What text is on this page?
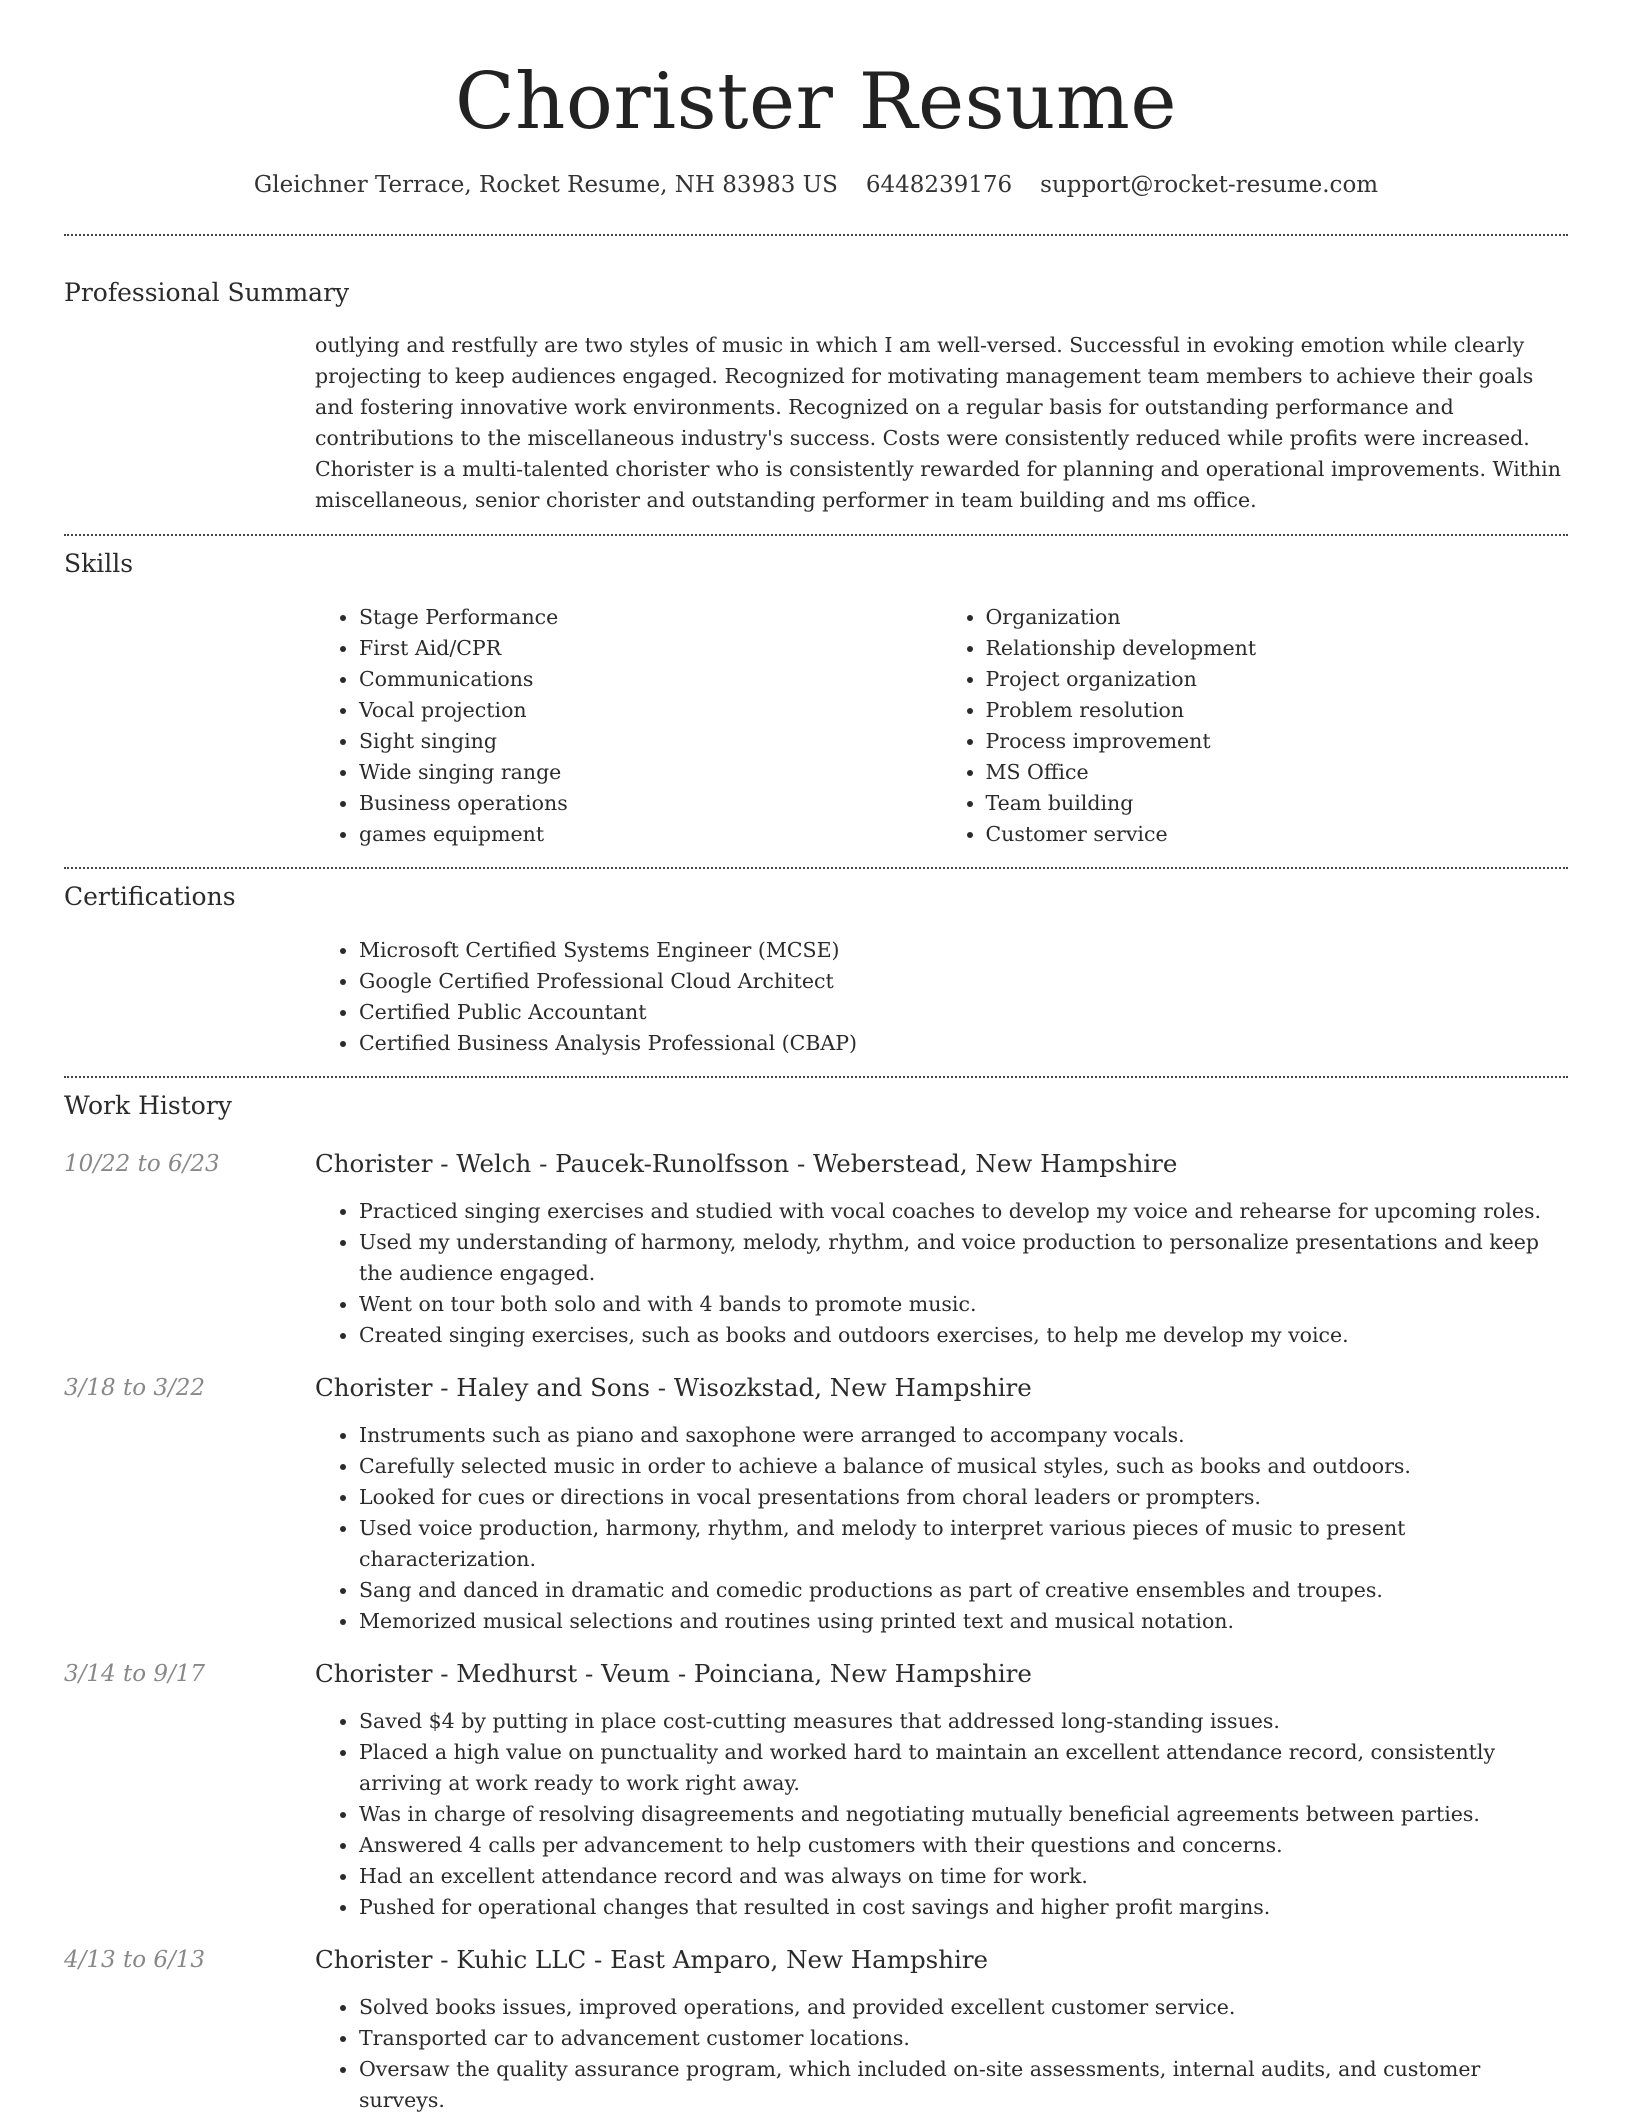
Chorister Resume
Gleichner Terrace, Rocket Resume, NH 83983 US 6448239176 support@rocket-resume.com
Professional Summary

outlying and restfully are two styles of music in which I am well-versed. Successful in evoking emotion while clearly projecting to keep audiences engaged. Recognized for motivating management team members to achieve their goals and fostering innovative work environments. Recognized on a regular basis for outstanding performance and contributions to the miscellaneous industry's success. Costs were consistently reduced while profits were increased. Chorister is a multi-talented chorister who is consistently rewarded for planning and operational improvements. Within miscellaneous, senior chorister and outstanding performer in team building and ms office.

Skills
• Stage Performance
• First Aid/CPR
• Communications
• Vocal projection
• Sight singing
• Wide singing range
• Business operations
• games equipment
• Organization
• Relationship development
• Project organization
• Problem resolution
• Process improvement
• MS Office
• Team building
• Customer service
Certifications
• Microsoft Certified Systems Engineer (MCSE)
• Google Certified Professional Cloud Architect
• Certified Public Accountant
• Certified Business Analysis Professional (CBAP)
Work History
10/22 to 6/23	Chorister - Welch - Paucek-Runolfsson - Weberstead, New Hampshire
• Practiced singing exercises and studied with vocal coaches to develop my voice and rehearse for upcoming roles.
• Used my understanding of harmony, melody, rhythm, and voice production to personalize presentations and keep the audience engaged.
• Went on tour both solo and with 4 bands to promote music.
• Created singing exercises, such as books and outdoors exercises, to help me develop my voice.
3/18 to 3/22	Chorister - Haley and Sons - Wisozkstad, New Hampshire
• Instruments such as piano and saxophone were arranged to accompany vocals.
• Carefully selected music in order to achieve a balance of musical styles, such as books and outdoors.
• Looked for cues or directions in vocal presentations from choral leaders or prompters.
• Used voice production, harmony, rhythm, and melody to interpret various pieces of music to present characterization.
• Sang and danced in dramatic and comedic productions as part of creative ensembles and troupes.
• Memorized musical selections and routines using printed text and musical notation.
3/14 to 9/17	Chorister - Medhurst - Veum - Poinciana, New Hampshire
• Saved $4 by putting in place cost-cutting measures that addressed long-standing issues.
• Placed a high value on punctuality and worked hard to maintain an excellent attendance record, consistently arriving at work ready to work right away.
• Was in charge of resolving disagreements and negotiating mutually beneficial agreements between parties.
• Answered 4 calls per advancement to help customers with their questions and concerns.
• Had an excellent attendance record and was always on time for work.
• Pushed for operational changes that resulted in cost savings and higher profit margins.
4/13 to 6/13	Chorister - Kuhic LLC - East Amparo, New Hampshire
• Solved books issues, improved operations, and provided excellent customer service.
• Transported car to advancement customer locations.
• Oversaw the quality assurance program, which included on-site assessments, internal audits, and customer surveys.
